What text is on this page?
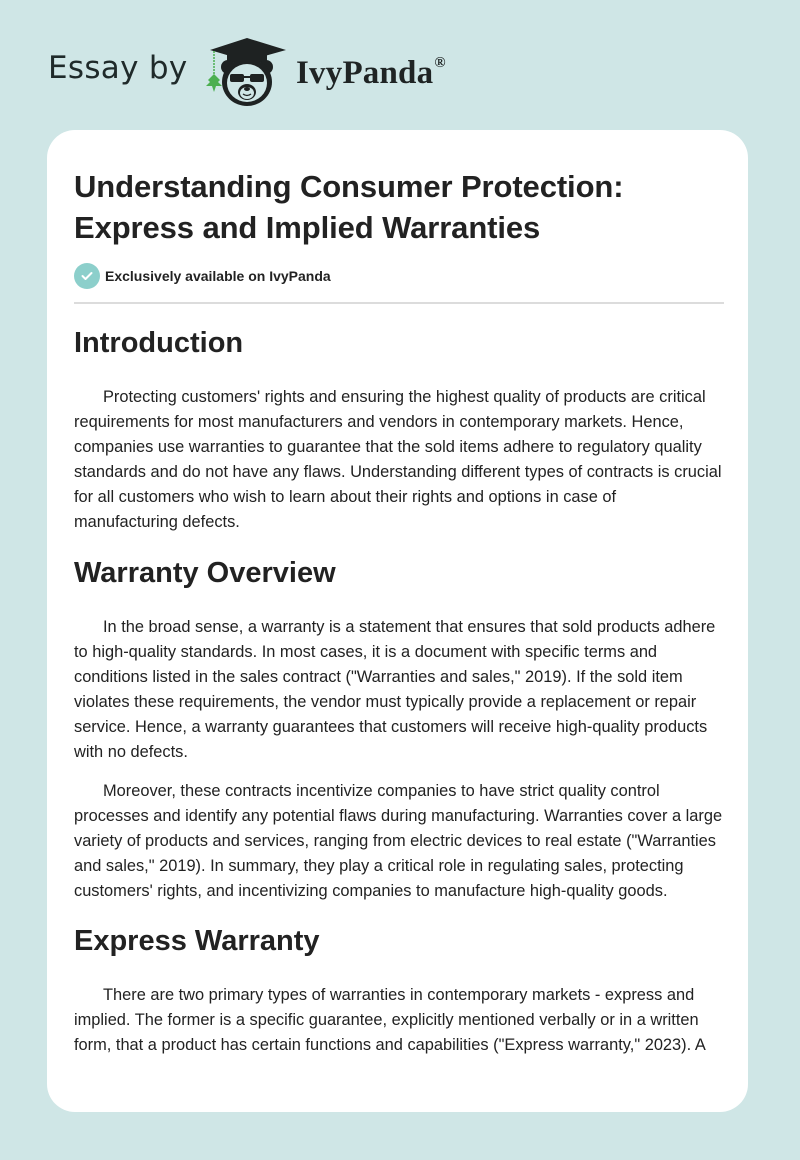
Essay by	IvyPanda®
Understanding Consumer Protection: Express and Implied Warranties
Exclusively available on IvyPanda
Introduction

Protecting customers' rights and ensuring the highest quality of products are critical requirements for most manufacturers and vendors in contemporary markets. Hence, companies use warranties to guarantee that the sold items adhere to regulatory quality standards and do not have any flaws. Understanding different types of contracts is crucial for all customers who wish to learn about their rights and options in case of manufacturing defects.

Warranty Overview

In the broad sense, a warranty is a statement that ensures that sold products adhere to high-quality standards. In most cases, it is a document with specific terms and conditions listed in the sales contract ("Warranties and sales," 2019). If the sold item violates these requirements, the vendor must typically provide a replacement or repair service. Hence, a warranty guarantees that customers will receive high-quality products with no defects.

Moreover, these contracts incentivize companies to have strict quality control processes and identify any potential flaws during manufacturing. Warranties cover a large variety of products and services, ranging from electric devices to real estate ("Warranties and sales," 2019). In summary, they play a critical role in regulating sales, protecting customers' rights, and incentivizing companies to manufacture high-quality goods.

Express Warranty

There are two primary types of warranties in contemporary markets - express and implied. The former is a specific guarantee, explicitly mentioned verbally or in a written form, that a product has certain functions and capabilities ("Express warranty," 2023). A
